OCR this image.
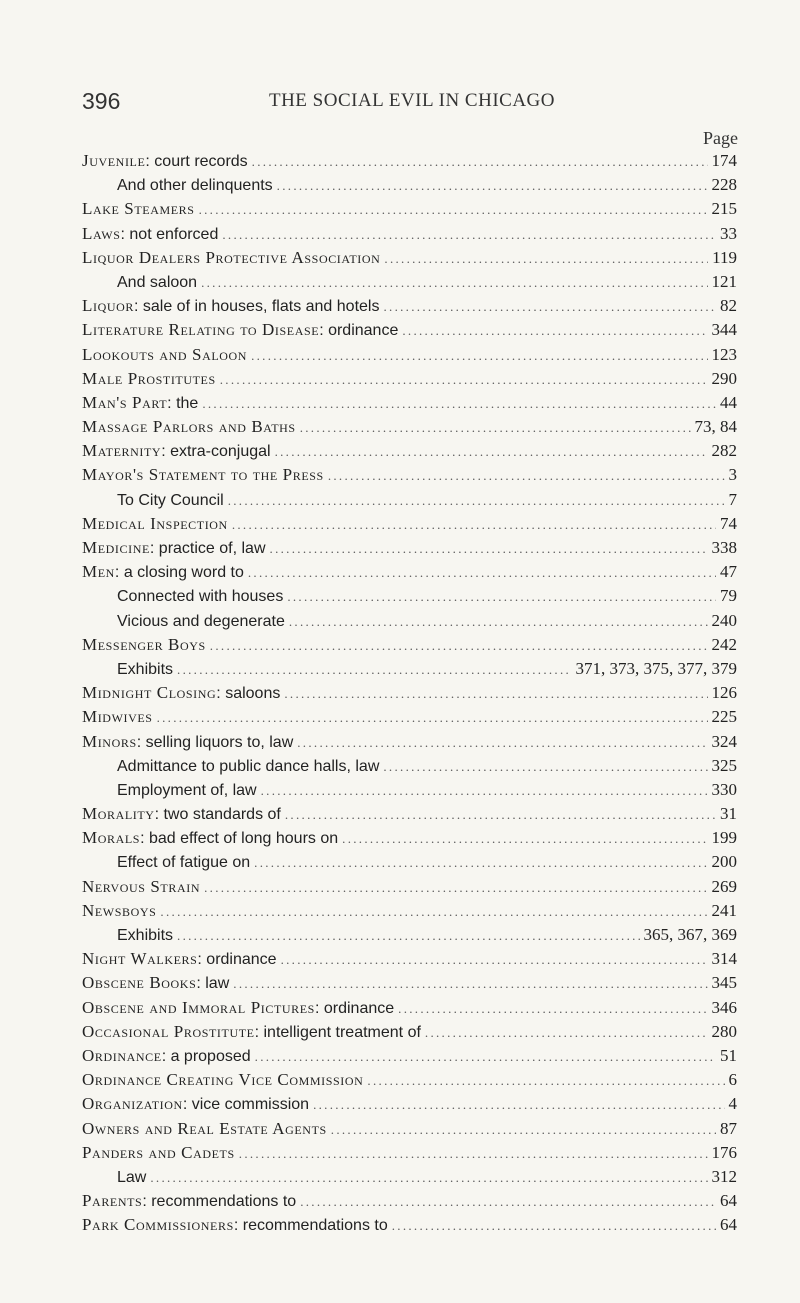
396	THE SOCIAL EVIL IN CHICAGO
Page
Juvenile: court records .....	174
And other delinquents .....	228
Lake Steamers .....	215
Laws: not enforced .....	33
Liquor Dealers Protective Association .....	119
And saloon .....	121
Liquor: sale of in houses, flats and hotels .....	82
Literature Relating to Disease: ordinance .....	344
Lookouts and Saloon .....	123
Male Prostitutes .....	290
Man's Part: the .....	44
Massage Parlors and Baths .....	73, 84
Maternity: extra-conjugal .....	282
Mayor's Statement to the Press .....	3
To City Council .....	7
Medical Inspection .....	74
Medicine: practice of, law .....	338
Men: a closing word to .....	47
Connected with houses .....	79
Vicious and degenerate .....	240
Messenger Boys .....	242
Exhibits .....	371, 373, 375, 377, 379
Midnight Closing: saloons .....	126
Midwives .....	225
Minors: selling liquors to, law .....	324
Admittance to public dance halls, law .....	325
Employment of, law .....	330
Morality: two standards of .....	31
Morals: bad effect of long hours on .....	199
Effect of fatigue on .....	200
Nervous Strain .....	269
Newsboys .....	241
Exhibits .....	365, 367, 369
Night Walkers: ordinance .....	314
Obscene Books: law .....	345
Obscene and Immoral Pictures: ordinance .....	346
Occasional Prostitute: intelligent treatment of .....	280
Ordinance: a proposed .....	51
Ordinance Creating Vice Commission .....	6
Organization: vice commission .....	4
Owners and Real Estate Agents .....	87
Panders and Cadets .....	176
Law .....	312
Parents: recommendations to .....	64
Park Commissioners: recommendations to .....	64
